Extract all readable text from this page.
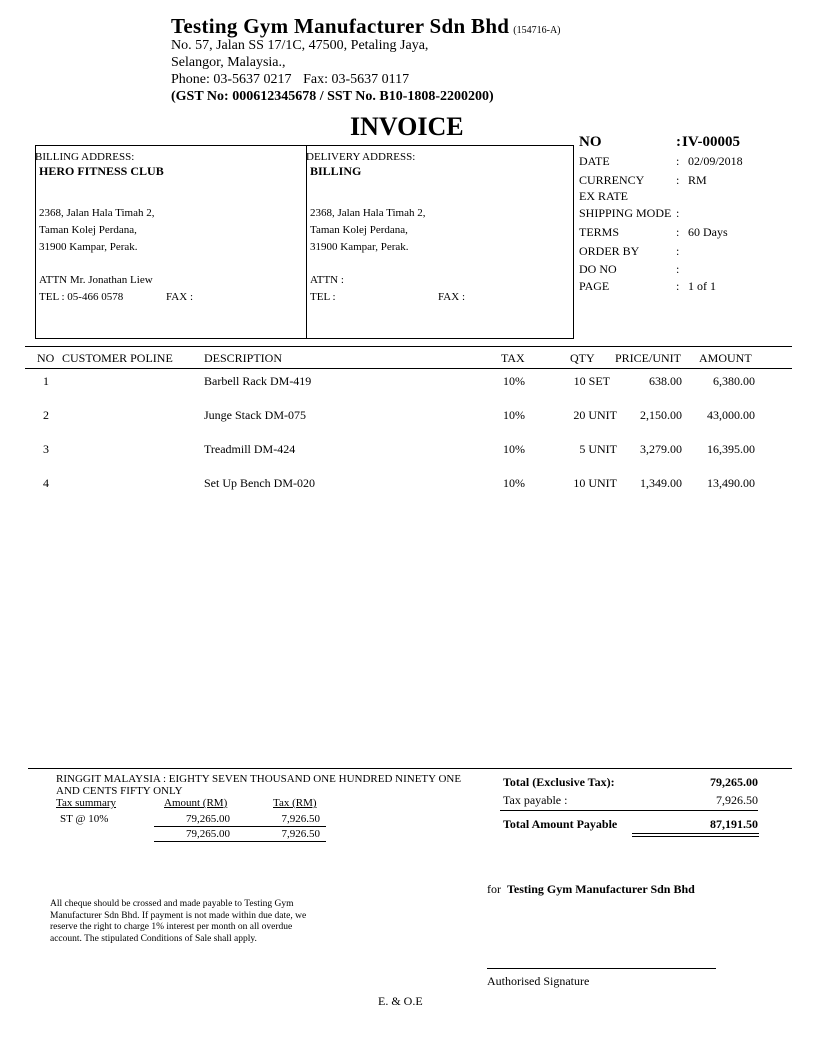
Testing Gym Manufacturer Sdn Bhd (154716-A)
No. 57, Jalan SS 17/1C, 47500, Petaling Jaya,
Selangor, Malaysia.,
Phone: 03-5637 0217 Fax: 03-5637 0117
(GST No: 000612345678 / SST No. B10-1808-2200200)
INVOICE
BILLING ADDRESS:
HERO FITNESS CLUB
2368, Jalan Hala Timah 2,
Taman Kolej Perdana,
31900 Kampar, Perak.
ATTN Mr. Jonathan Liew
TEL : 05-466 0578	FAX :
DELIVERY ADDRESS:
BILLING
2368, Jalan Hala Timah 2,
Taman Kolej Perdana,
31900 Kampar, Perak.
ATTN :
TEL :	FAX :
NO	: IV-00005
DATE	: 02/09/2018
CURRENCY	: RM
EX RATE
SHIPPING MODE :
TERMS	: 60 Days
ORDER BY	:
DO NO	:
PAGE	: 1 of 1
NO CUSTOMER POLINE	DESCRIPTION	TAX	QTY PRICE/UNIT AMOUNT
1	Barbell Rack DM-419	10%	10 SET	638.00	6,380.00
2	Junge Stack DM-075	10%	20 UNIT	2,150.00	43,000.00
3	Treadmill DM-424	10%	5 UNIT	3,279.00	16,395.00
4	Set Up Bench DM-020	10%	10 UNIT	1,349.00	13,490.00
RINGGIT MALAYSIA : EIGHTY SEVEN THOUSAND ONE HUNDRED NINETY ONE AND CENTS FIFTY ONLY
Tax summary	Amount (RM)	Tax (RM)
ST @ 10%	79,265.00	7,926.50
79,265.00	7,926.50
Total (Exclusive Tax):	79,265.00
Tax payable :	7,926.50
Total Amount Payable	87,191.50
All cheque should be crossed and made payable to Testing Gym Manufacturer Sdn Bhd. If payment is not made within due date, we reserve the right to charge 1% interest per month on all overdue account. The stipulated Conditions of Sale shall apply.
for Testing Gym Manufacturer Sdn Bhd
Authorised Signature
E. & O.E
